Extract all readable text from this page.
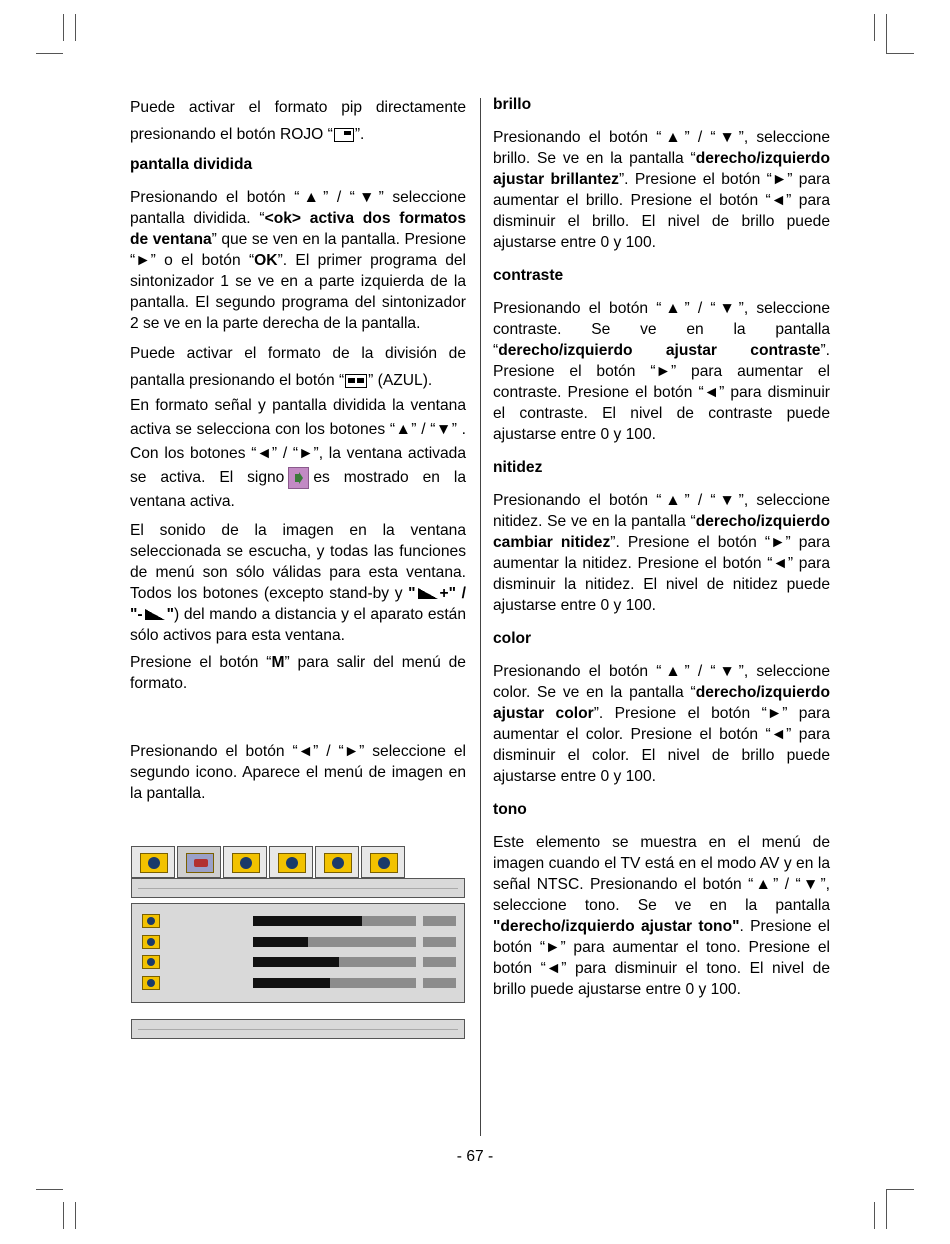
Puede activar el formato pip directamente presionando el botón ROJO “ ”.

pantalla dividida

Presionando el botón “▲” / “▼” seleccione pantalla dividida. “<ok> activa dos formatos de ventana” que se ven en la pantalla. Presione “►” o el botón “OK”. El primer programa del sintonizador 1 se ve en a parte izquierda de la pantalla. El segundo programa del sintonizador 2 se ve en la parte derecha de la pantalla.

Puede activar el formato de la división de pantalla presionando el botón “ ” (AZUL).

En formato señal y pantalla dividida la ventana activa se selecciona con los botones “▲” / “▼” . Con los botones “◄” / “►”, la ventana activada se activa. El signo es mostrado en la ventana activa.

El sonido de la imagen en la ventana seleccionada se escucha, y todas las funciones de menú son sólo válidas para esta ventana. Todos los botones (excepto stand-by y " +" / "- ") del mando a distancia y el aparato están sólo activos para esta ventana.

Presione el botón “M” para salir del menú de formato.

Presionando el botón “◄” / “►” seleccione el segundo icono. Aparece el menú de imagen en la pantalla.

brillo

Presionando el botón “▲” / “▼”, seleccione brillo. Se ve en la pantalla “derecho/izquierdo ajustar brillantez”. Presione el botón “►” para aumentar el brillo. Presione el botón “◄” para disminuir el brillo. El nivel de brillo puede ajustarse entre 0 y 100.

contraste

Presionando el botón “▲” / “▼”, seleccione contraste. Se ve en la pantalla “derecho/izquierdo ajustar contraste”. Presione el botón “►” para aumentar el contraste. Presione el botón “◄” para disminuir el contraste. El nivel de contraste puede ajustarse entre 0 y 100.

nitidez

Presionando el botón “▲” / “▼”, seleccione nitidez. Se ve en la pantalla “derecho/izquierdo cambiar nitidez”. Presione el botón “►” para aumentar la nitidez. Presione el botón “◄” para disminuir la nitidez. El nivel de nitidez puede ajustarse entre 0 y 100.

color

Presionando el botón “▲” / “▼”, seleccione color. Se ve en la pantalla “derecho/izquierdo ajustar color”. Presione el botón “►” para aumentar el color. Presione el botón “◄” para disminuir el color. El nivel de brillo puede ajustarse entre 0 y 100.

tono

Este elemento se muestra en el menú de imagen cuando el TV está en el modo AV y en la señal NTSC. Presionando el botón “▲” / “▼”, seleccione tono. Se ve en la pantalla "derecho/izquierdo ajustar tono". Presione el botón “►” para aumentar el tono. Presione el botón “◄” para disminuir el tono. El nivel de brillo puede ajustarse entre 0 y 100.

- 67 -
